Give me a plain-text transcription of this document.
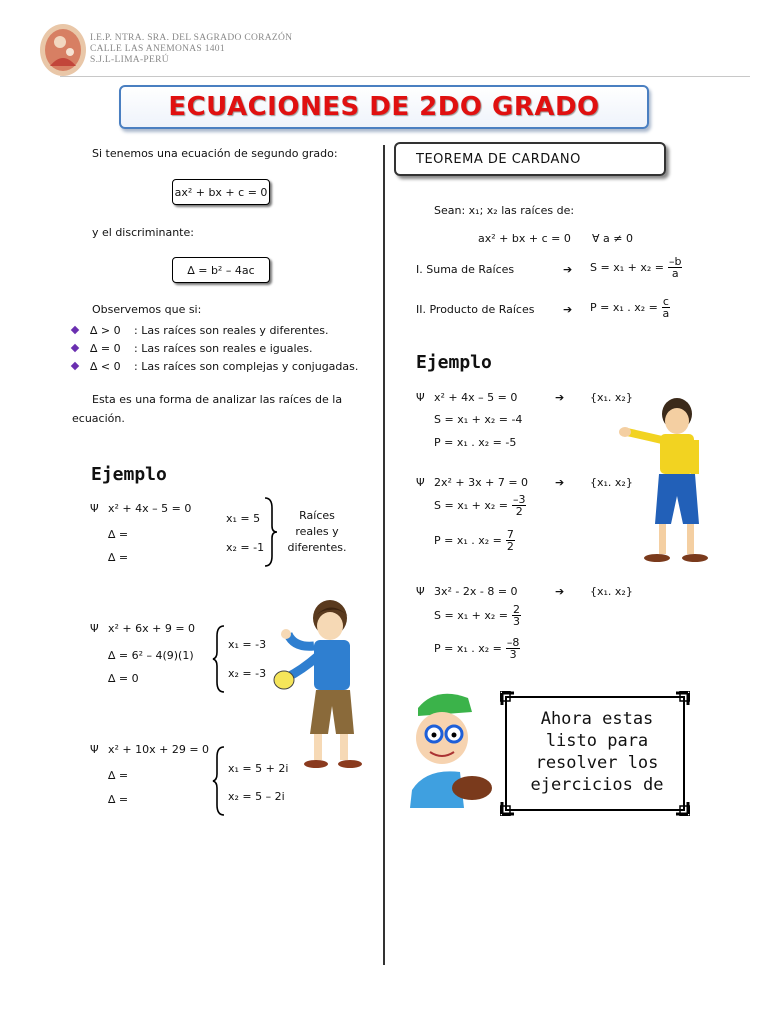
I.E.P. NTRA. SRA. DEL SAGRADO CORAZÓN
CALLE LAS ANEMONAS 1401
S.J.L-LIMA-PERÚ
ECUACIONES DE 2DO GRADO
Si tenemos una ecuación de segundo grado:
ax² + bx + c = 0
y el discriminante:
∆ = b² – 4ac
Observemos que si:
∆ > 0	: Las raíces son reales y diferentes.
∆ = 0	: Las raíces son reales e iguales.
∆ < 0	: Las raíces son complejas y conjugadas.
Esta es una forma de analizar las raíces de la
ecuación.
Ejemplo
Ψ x² + 4x – 5 = 0
∆ =
∆ =
x₁ = 5
x₂ = -1
Raíces
reales y
diferentes.
Ψ x² + 6x + 9 = 0
∆ = 6² – 4(9)(1)
∆ = 0
x₁ = -3
x₂ = -3
Ψ x² + 10x + 29 = 0
∆ =
∆ =
x₁ = 5 + 2i
x₂ = 5 – 2i
TEOREMA DE CARDANO
Sean: x₁; x₂ las raíces de:
ax² + bx + c = 0 ∀ a ≠ 0
I. Suma de Raíces	➔ $S = x_1 + x_2 = \frac{-b}{a}$
II. Producto de Raíces	➔ P = x₁ . $x_2 = \frac{c}{a}$
Ejemplo
Ψ x² + 4x – 5 = 0	➔ {x₁. x₂}
S = x₁ + x₂ = -4
P = x₁ . x₂ = -5
Ψ 2x² + 3x + 7 = 0 ➔ {x₁. x₂}
$S = x_1 + x_2 = \frac{-3}{2}$
P = x₁ . $x_2 = \frac{7}{2}$
Ψ 3x² - 2x - 8 = 0	➔ {x₁. x₂}
$S = x_1 + x_2 = \frac{2}{3}$
P = x₁ . $x_2 = \frac{-8}{3}$
Ahora estas listo para resolver los ejercicios de
